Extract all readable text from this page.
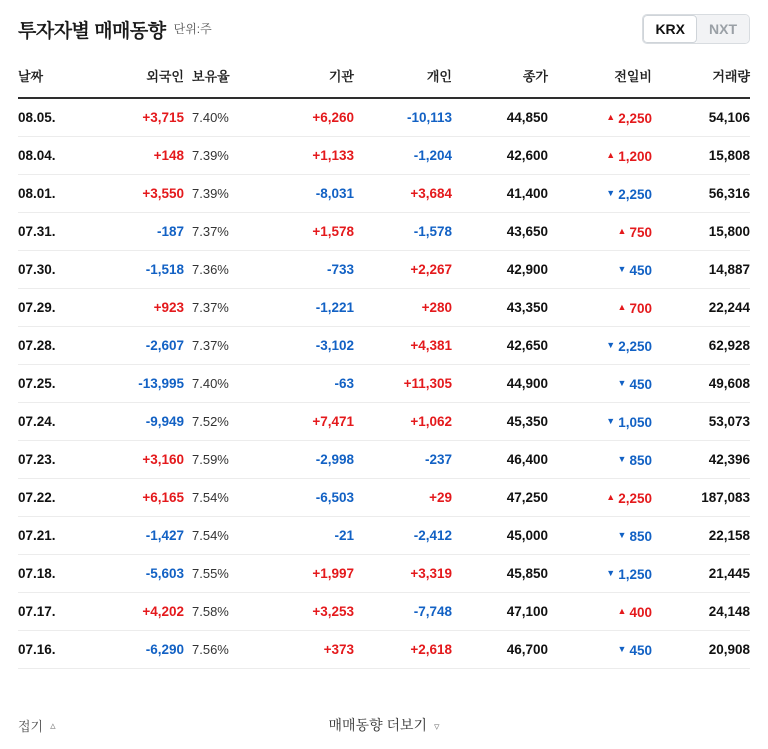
투자자별 매매동향 단위:주	KRX	NXT
날짜	외국인	보유율	기관	개인	종가	전일비	거래량
08.05.	+3,715	7.40%	+6,260	-10,113	44,850	▲ 2,250	54,106
08.04.	+148	7.39%	+1,133	-1,204	42,600	▲ 1,200	15,808
08.01.	+3,550	7.39%	-8,031	+3,684	41,400	▼ 2,250	56,316
07.31.	-187	7.37%	+1,578	-1,578	43,650	▲ 750	15,800
07.30.	-1,518	7.36%	-733	+2,267	42,900	▼ 450	14,887
07.29.	+923	7.37%	-1,221	+280	43,350	▲ 700	22,244
07.28.	-2,607	7.37%	-3,102	+4,381	42,650	▼ 2,250	62,928
07.25.	-13,995	7.40%	-63	+11,305	44,900	▼ 450	49,608
07.24.	-9,949	7.52%	+7,471	+1,062	45,350	▼ 1,050	53,073
07.23.	+3,160	7.59%	-2,998	-237	46,400	▼ 850	42,396
07.22.	+6,165	7.54%	-6,503	+29	47,250	▲ 2,250	187,083
07.21.	-1,427	7.54%	-21	-2,412	45,000	▼ 850	22,158
07.18.	-5,603	7.55%	+1,997	+3,319	45,850	▼ 1,250	21,445
07.17.	+4,202	7.58%	+3,253	-7,748	47,100	▲ 400	24,148
07.16.	-6,290	7.56%	+373	+2,618	46,700	▼ 450	20,908
접기 ▵	매매동향 더보기 ▿
